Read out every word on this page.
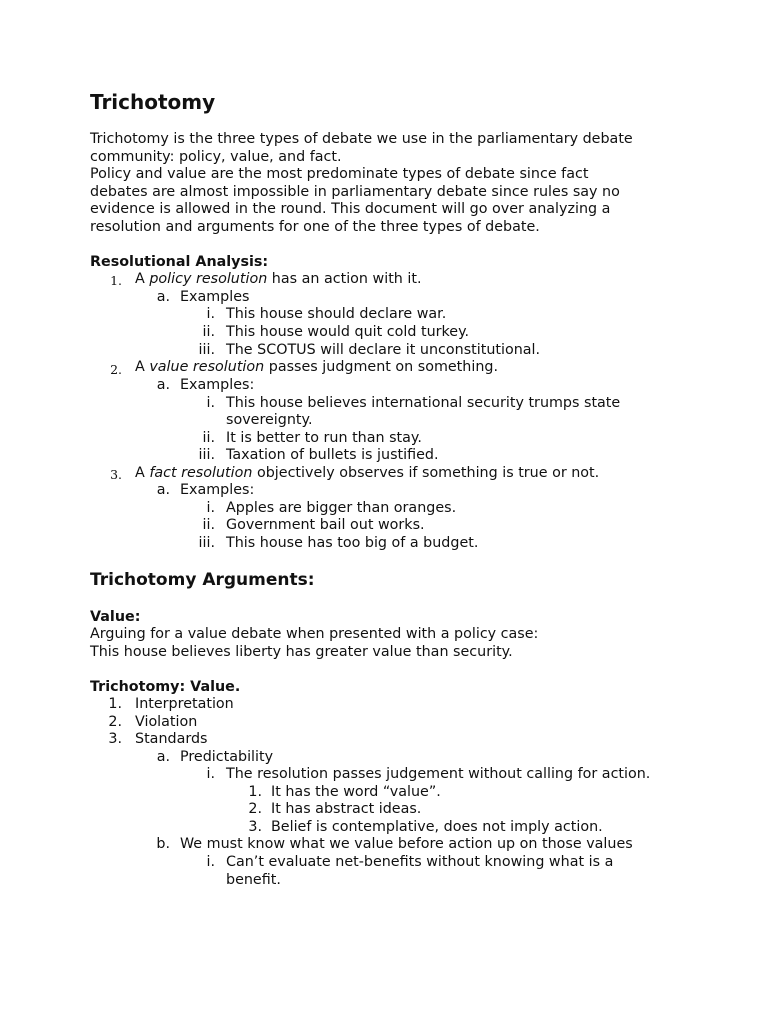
Trichotomy
Trichotomy is the three types of debate we use in the parliamentary debate
community: policy, value, and fact.
Policy and value are the most predominate types of debate since fact
debates are almost impossible in parliamentary debate since rules say no
evidence is allowed in the round. This document will go over analyzing a
resolution and arguments for one of the three types of debate.
Resolutional Analysis:
1. A policy resolution has an action with it.
a. Examples
i. This house should declare war.
ii. This house would quit cold turkey.
iii. The SCOTUS will declare it unconstitutional.
2. A value resolution passes judgment on something.
a. Examples:
i. This house believes international security trumps state
sovereignty.
ii. It is better to run than stay.
iii. Taxation of bullets is justified.
3. A fact resolution objectively observes if something is true or not.
a. Examples:
i. Apples are bigger than oranges.
ii. Government bail out works.
iii. This house has too big of a budget.
Trichotomy Arguments:
Value:
Arguing for a value debate when presented with a policy case:
This house believes liberty has greater value than security.
Trichotomy: Value.
1. Interpretation
2. Violation
3. Standards
a. Predictability
i. The resolution passes judgement without calling for action.
1. It has the word “value”.
2. It has abstract ideas.
3. Belief is contemplative, does not imply action.
b. We must know what we value before action up on those values
i. Can’t evaluate net-benefits without knowing what is a
benefit.
